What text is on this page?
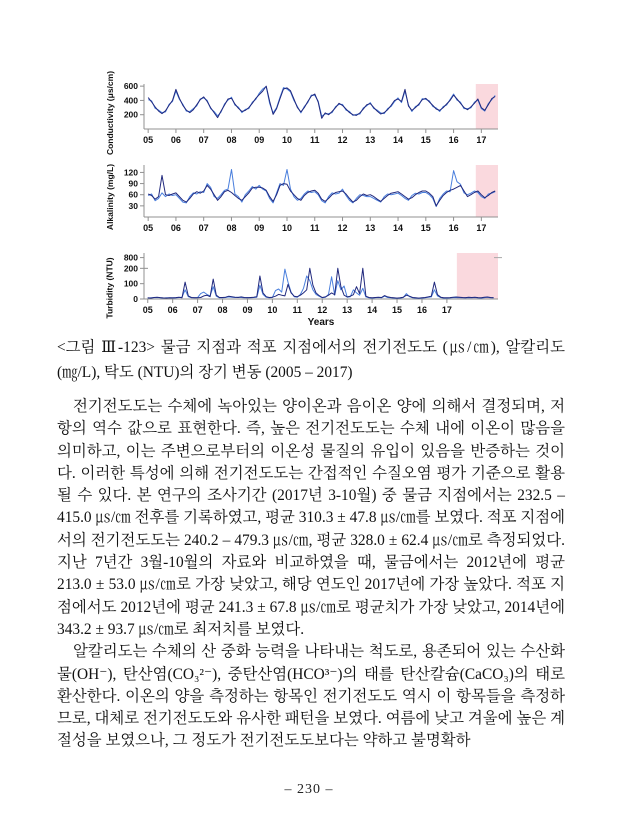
Conductivity (μs/cm) 600
400
200
05 06 07 08 09 10 11 12 13 14 15 16 17
Alkalinity (mg/L) 120
90
60
30
05 06 07 08 09 10 11 12 13 14 15 16 17
Turbidity (NTU) 800
200
100
0
05 06 07 08 09 10 11 12 13 14 15 16 17
Years
<그림 Ⅲ-123> 물금 지점과 적포 지점에서의 전기전도도 (㎲/㎝), 알칼리도
(㎎/L), 탁도 (NTU)의 장기 변동 (2005 – 2017)

전기전도도는 수체에 녹아있는 양이온과 음이온 양에 의해서 결정되며, 저항의 역수 값으로 표현한다. 즉, 높은 전기전도도는 수체 내에 이온이 많음을 의미하고, 이는 주변으로부터의 이온성 물질의 유입이 있음을 반증하는 것이다. 이러한 특성에 의해 전기전도도는 간접적인 수질오염 평가 기준으로 활용될 수 있다. 본 연구의 조사기간 (2017년 3-10월) 중 물금 지점에서는 232.5 – 415.0 ㎲/㎝ 전후를 기록하였고, 평균 310.3 ± 47.8 ㎲/㎝를 보였다. 적포 지점에서의 전기전도도는 240.2 – 479.3 ㎲/㎝, 평균 328.0 ± 62.4 ㎲/㎝로 측정되었다. 지난 7년간 3월-10월의 자료와 비교하였을 때, 물금에서는 2012년에 평균 213.0 ± 53.0 ㎲/㎝로 가장 낮았고, 해당 연도인 2017년에 가장 높았다. 적포 지점에서도 2012년에 평균 241.3 ± 67.8 ㎲/㎝로 평균치가 가장 낮았고, 2014년에 343.2 ± 93.7 ㎲/㎝로 최저치를 보였다.

알칼리도는 수체의 산 중화 능력을 나타내는 척도로, 용존되어 있는 수산화물(OH⁻), 탄산염(CO₃²⁻), 중탄산염(HCO³⁻)의 태를 탄산칼슘(CaCO₃)의 태로 환산한다. 이온의 양을 측정하는 항목인 전기전도도 역시 이 항목들을 측정하므로, 대체로 전기전도도와 유사한 패턴을 보였다. 여름에 낮고 겨울에 높은 계절성을 보였으나, 그 정도가 전기전도도보다는 약하고 불명확하

– 230 –
